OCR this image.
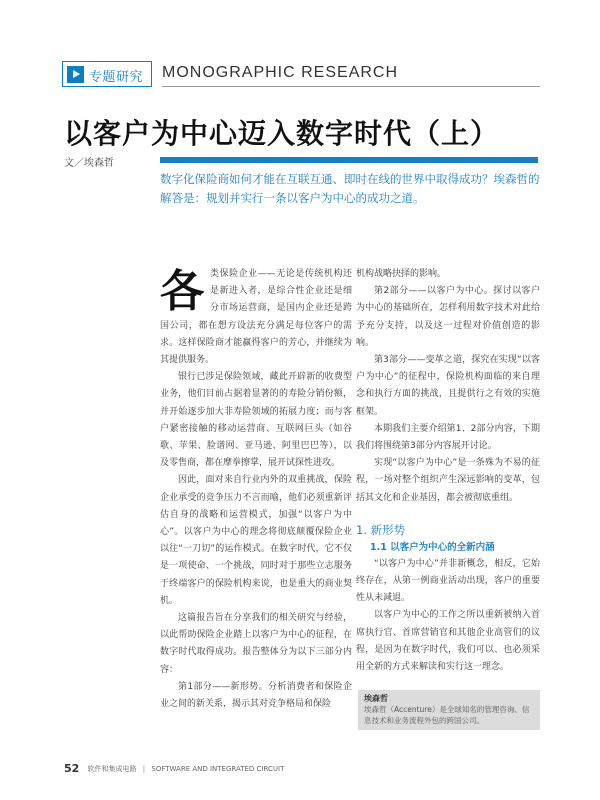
专题研究 MONOGRAPHIC RESEARCH
以客户为中心迈入数字时代（上）
文／埃森哲

数字化保险商如何才能在互联互通、即时在线的世界中取得成功？埃森哲的解答是：规划并实行一条以客户为中心的成功之道。

各 类保险企业——无论是传统机构还是新进入者，是综合性企业还是细分市场运营商，是国内企业还是跨国公司，都在想方设法充分满足每位客户的需求。这样保险商才能赢得客户的芳心，并继续为其提供服务。

银行已涉足保险领域，藏此开辟新的收费型业务，他们目前占据着显著的的寿险分销份额，并开始逐步加大非寿险领域的拓展力度；而与客户紧密接触的移动运营商、互联网巨头（如谷歌、苹果、脸谱网、亚马逊、阿里巴巴等），以及零售商，都在摩拳擦掌，展开试探性进攻。

因此，面对来自行业内外的双重挑战，保险企业承受的竞争压力不言而喻，他们必须重新评估自身的战略和运营模式，加强“以客户为中心”。以客户为中心的理念将彻底颠覆保险企业以往“一刀切”的运作模式。在数字时代，它不仅是一项使命、一个挑战，同时对于那些立志服务于终端客户的保险机构来说，也是重大的商业契机。

这篇报告旨在分享我们的相关研究与经验，以此帮助保险企业踏上以客户为中心的征程，在数字时代取得成功。报告整体分为以下三部分内容：

第1部分——新形势。分析消费者和保险企业之间的新关系，揭示其对竞争格局和保险

机构战略抉择的影响。

第2部分——以客户为中心。探讨以客户为中心的基础所在，怎样利用数字技术对此给予充分支持，以及这一过程对价值创造的影响。

第3部分——变革之道，探究在实现“以客户为中心”的征程中，保险机构面临的来自理念和执行方面的挑战，且提供行之有效的实施框架。

本期我们主要介绍第1、2部分内容，下期我们将围绕第3部分内容展开讨论。

实现“以客户为中心”是一条殊为不易的征程，一场对整个组织产生深远影响的变革，包括其文化和企业基因，都会被彻底重组。

1. 新形势
1.1 以客户为中心的全新内涵

“以客户为中心”并非新概念，相反，它始终存在，从第一例商业活动出现，客户的重要性从未减退。

以客户为中心的工作之所以重新被纳入首席执行官、首席营销官和其他企业高管们的议程，是因为在数字时代，我们可以、也必须采用全新的方式来解读和实行这一理念。

埃森哲
埃森哲（Accenture）是全球知名的管理咨询、信息技术和业务流程外包的跨国公司。
52 软件和集成电路 | SOFTWARE AND INTEGRATED CIRCUIT
